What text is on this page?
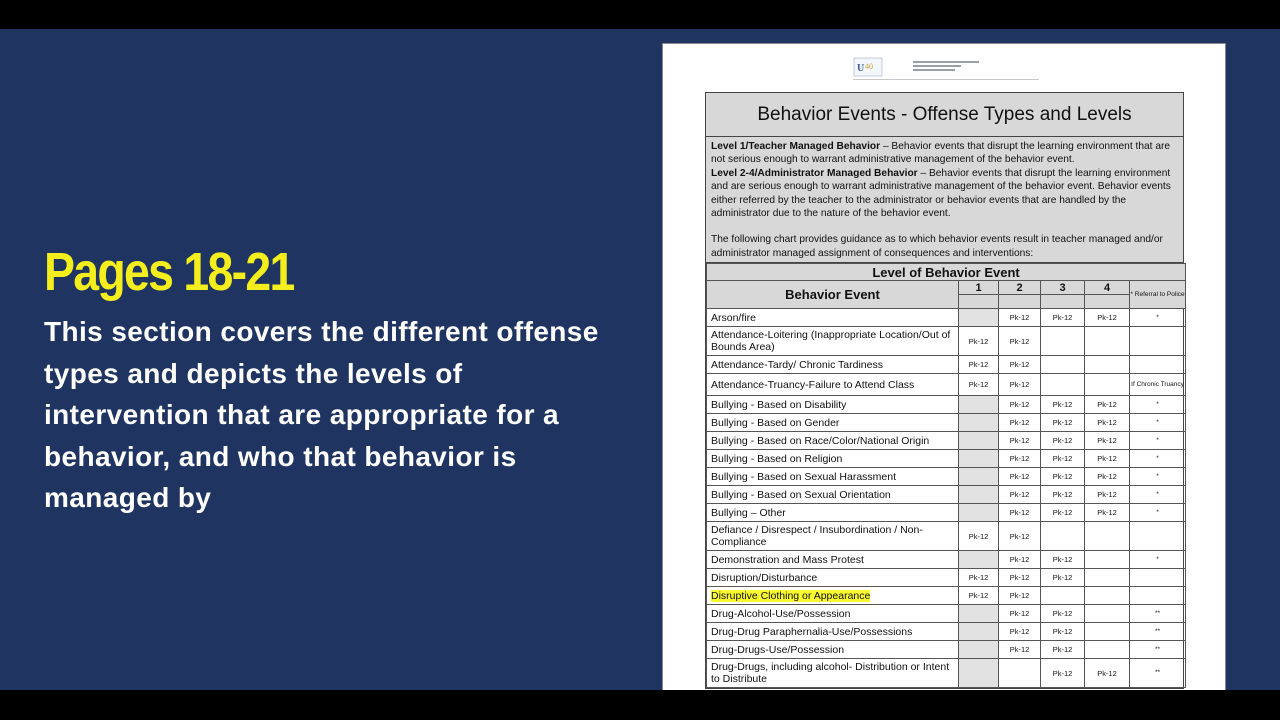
Pages 18-21
This section covers the different offense types and depicts the levels of intervention that are appropriate for a behavior, and who that behavior is managed by
U 40
Behavior Events - Offense Types and Levels

Level 1/Teacher Managed Behavior – Behavior events that disrupt the learning environment that are not serious enough to warrant administrative management of the behavior event.

Level 2-4/Administrator Managed Behavior – Behavior events that disrupt the learning environment and are serious enough to warrant administrative management of the behavior event. Behavior events either referred by the teacher to the administrator or behavior events that are handled by the administrator due to the nature of the behavior event.

The following chart provides guidance as to which behavior events result in teacher managed and/or administrator managed assignment of consequences and interventions:

Level of Behavior Event					
Behavior Event	1	2	3	4	* Referral to Police

Arson/fire		Pk-12	Pk-12	Pk-12	*
Attendance-Loitering (Inappropriate Location/Out of Bounds Area)	Pk-12	Pk-12			
Attendance-Tardy/ Chronic Tardiness	Pk-12	Pk-12			
Attendance-Truancy-Failure to Attend Class	Pk-12	Pk-12			If Chronic Truancy
Bullying - Based on Disability		Pk-12	Pk-12	Pk-12	*
Bullying - Based on Gender		Pk-12	Pk-12	Pk-12	*
Bullying - Based on Race/Color/National Origin		Pk-12	Pk-12	Pk-12	*
Bullying - Based on Religion		Pk-12	Pk-12	Pk-12	*
Bullying - Based on Sexual Harassment		Pk-12	Pk-12	Pk-12	*
Bullying - Based on Sexual Orientation		Pk-12	Pk-12	Pk-12	*
Bullying – Other		Pk-12	Pk-12	Pk-12	*
Defiance / Disrespect / Insubordination / Non-Compliance	Pk-12	Pk-12			
Demonstration and Mass Protest		Pk-12	Pk-12		*
Disruption/Disturbance	Pk-12	Pk-12	Pk-12		
Disruptive Clothing or Appearance	Pk-12	Pk-12			
Drug-Alcohol-Use/Possession		Pk-12	Pk-12		**
Drug-Drug Paraphernalia-Use/Possessions		Pk-12	Pk-12		**
Drug-Drugs-Use/Possession		Pk-12	Pk-12		**
Drug-Drugs, including alcohol- Distribution or Intent to Distribute			Pk-12	Pk-12	**
